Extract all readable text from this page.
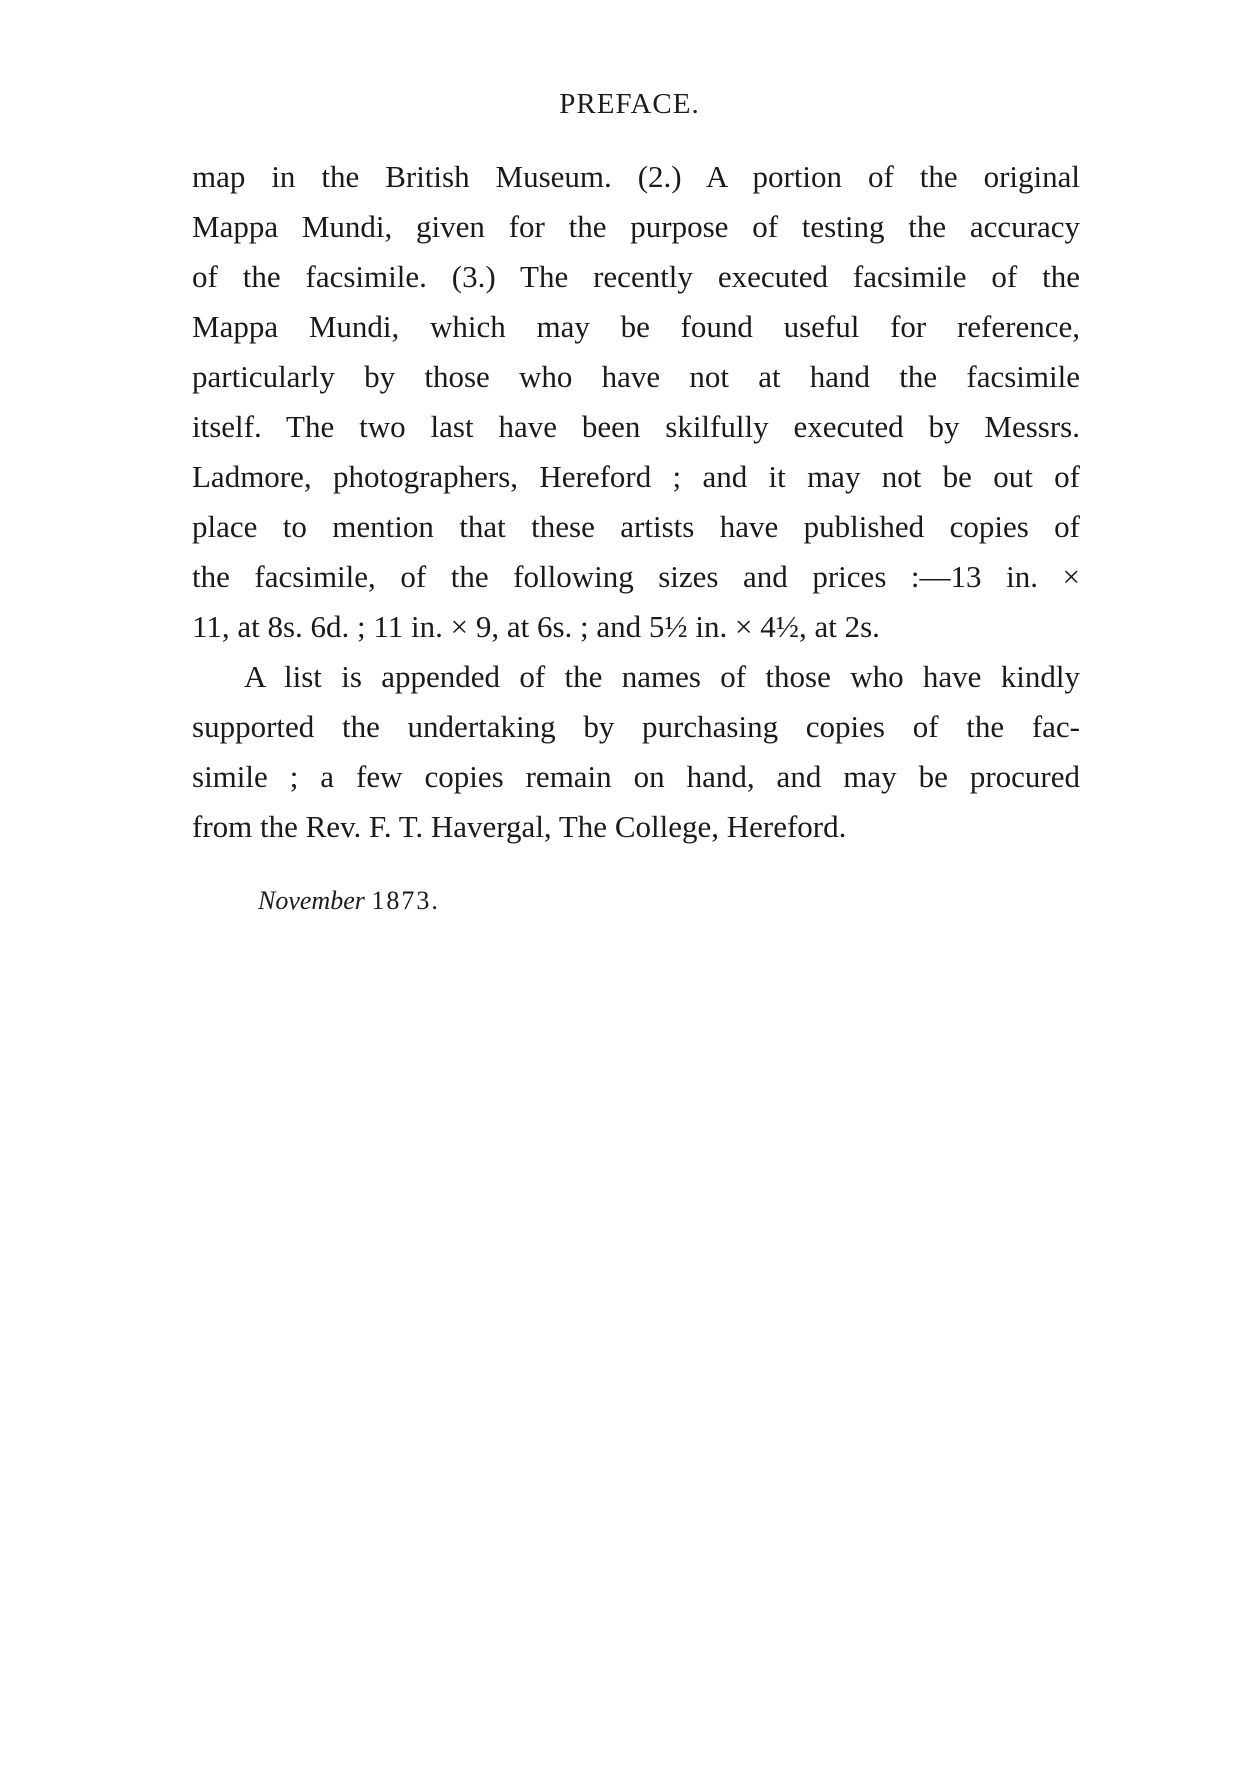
PREFACE.
map in the British Museum. (2.) A portion of the original
Mappa Mundi, given for the purpose of testing the accuracy
of the facsimile. (3.) The recently executed facsimile of the
Mappa Mundi, which may be found useful for reference,
particularly by those who have not at hand the facsimile
itself. The two last have been skilfully executed by Messrs.
Ladmore, photographers, Hereford ; and it may not be out of
place to mention that these artists have published copies of
the facsimile, of the following sizes and prices :—13 in. ×
11, at 8s. 6d. ; 11 in. × 9, at 6s. ; and 5½ in. × 4½, at 2s.
A list is appended of the names of those who have kindly
supported the undertaking by purchasing copies of the fac-
simile ; a few copies remain on hand, and may be procured
from the Rev. F. T. Havergal, The College, Hereford.
November 1873.
